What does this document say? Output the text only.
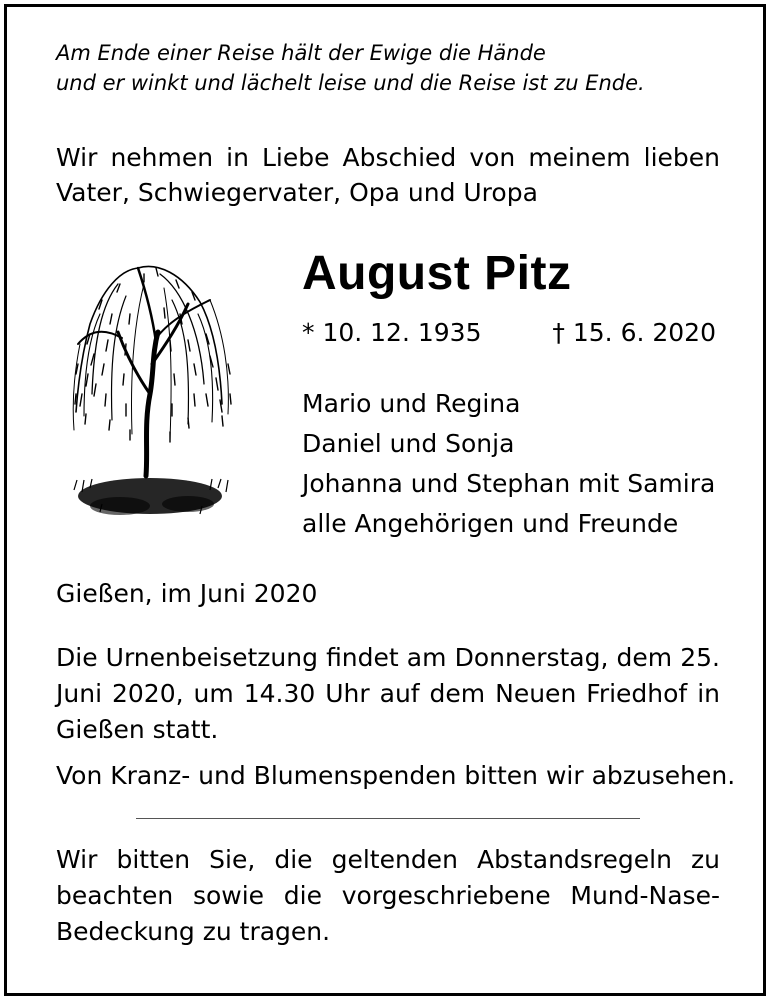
Am Ende einer Reise hält der Ewige die Hände
und er winkt und lächelt leise und die Reise ist zu Ende.

Wir nehmen in Liebe Abschied von meinem lieben Vater, Schwiegervater, Opa und Uropa

August Pitz
* 10. 12. 1935	† 15. 6. 2020
Mario und Regina
Daniel und Sonja
Johanna und Stephan mit Samira
alle Angehörigen und Freunde

Gießen, im Juni 2020

Die Urnenbeisetzung findet am Donnerstag, dem 25. Juni 2020, um 14.30 Uhr auf dem Neuen Friedhof in Gießen statt.

Von Kranz- und Blumenspenden bitten wir abzusehen.

Wir bitten Sie, die geltenden Abstandsregeln zu beachten sowie die vorgeschriebene Mund-Nase-Bedeckung zu tragen.
